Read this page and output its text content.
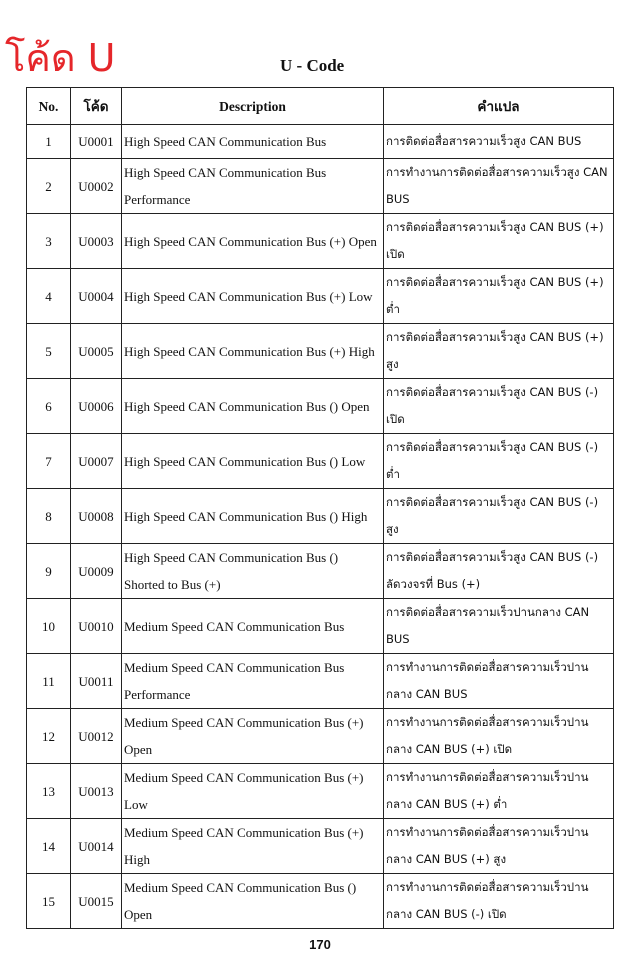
โค้ด U	U - Code
No.	โค้ด	Description	คำแปล
1	U0001	High Speed CAN Communication Bus	การติดต่อสื่อสารความเร็วสูง CAN BUS
2	U0002	High Speed CAN Communication Bus Performance	การทำงานการติดต่อสื่อสารความเร็วสูง CAN BUS
3	U0003	High Speed CAN Communication Bus (+) Open	การติดต่อสื่อสารความเร็วสูง CAN BUS (+) เปิด
4	U0004	High Speed CAN Communication Bus (+) Low	การติดต่อสื่อสารความเร็วสูง CAN BUS (+) ต่ำ
5	U0005	High Speed CAN Communication Bus (+) High	การติดต่อสื่อสารความเร็วสูง CAN BUS (+) สูง
6	U0006	High Speed CAN Communication Bus () Open	การติดต่อสื่อสารความเร็วสูง CAN BUS (-) เปิด
7	U0007	High Speed CAN Communication Bus () Low	การติดต่อสื่อสารความเร็วสูง CAN BUS (-) ต่ำ
8	U0008	High Speed CAN Communication Bus () High	การติดต่อสื่อสารความเร็วสูง CAN BUS (-) สูง
9	U0009	High Speed CAN Communication Bus () Shorted to Bus (+)	การติดต่อสื่อสารความเร็วสูง CAN BUS (-) ลัดวงจรที่ Bus (+)
10	U0010	Medium Speed CAN Communication Bus	การติดต่อสื่อสารความเร็วปานกลาง CAN BUS
11	U0011	Medium Speed CAN Communication Bus Performance	การทำงานการติดต่อสื่อสารความเร็วปานกลาง CAN BUS
12	U0012	Medium Speed CAN Communication Bus (+) Open	การทำงานการติดต่อสื่อสารความเร็วปานกลาง CAN BUS (+) เปิด
13	U0013	Medium Speed CAN Communication Bus (+) Low	การทำงานการติดต่อสื่อสารความเร็วปานกลาง CAN BUS (+) ต่ำ
14	U0014	Medium Speed CAN Communication Bus (+) High	การทำงานการติดต่อสื่อสารความเร็วปานกลาง CAN BUS (+) สูง
15	U0015	Medium Speed CAN Communication Bus () Open	การทำงานการติดต่อสื่อสารความเร็วปานกลาง CAN BUS (-) เปิด
170
